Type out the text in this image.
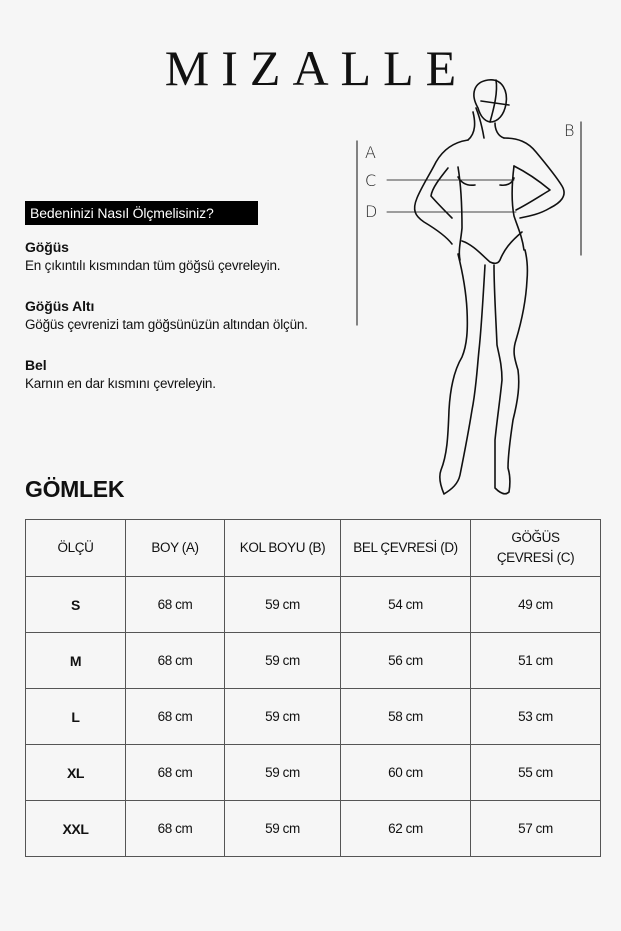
MIZALLE
Bedeninizi Nasıl Ölçmelisiniz?
Göğüs
En çıkıntılı kısmından tüm göğsü çevreleyin.
Göğüs Altı
Göğüs çevrenizi tam göğsünüzün altından ölçün.
Bel
Karnın en dar kısmını çevreleyin.
A
B
C
D
GÖMLEK
ÖLÇÜ	BOY (A)	KOL BOYU (B)	BEL ÇEVRESİ (D)	GÖĞÜS ÇEVRESİ (C)
S	68 cm	59 cm	54 cm	49 cm
M	68 cm	59 cm	56 cm	51 cm
L	68 cm	59 cm	58 cm	53 cm
XL	68 cm	59 cm	60 cm	55 cm
XXL	68 cm	59 cm	62 cm	57 cm
